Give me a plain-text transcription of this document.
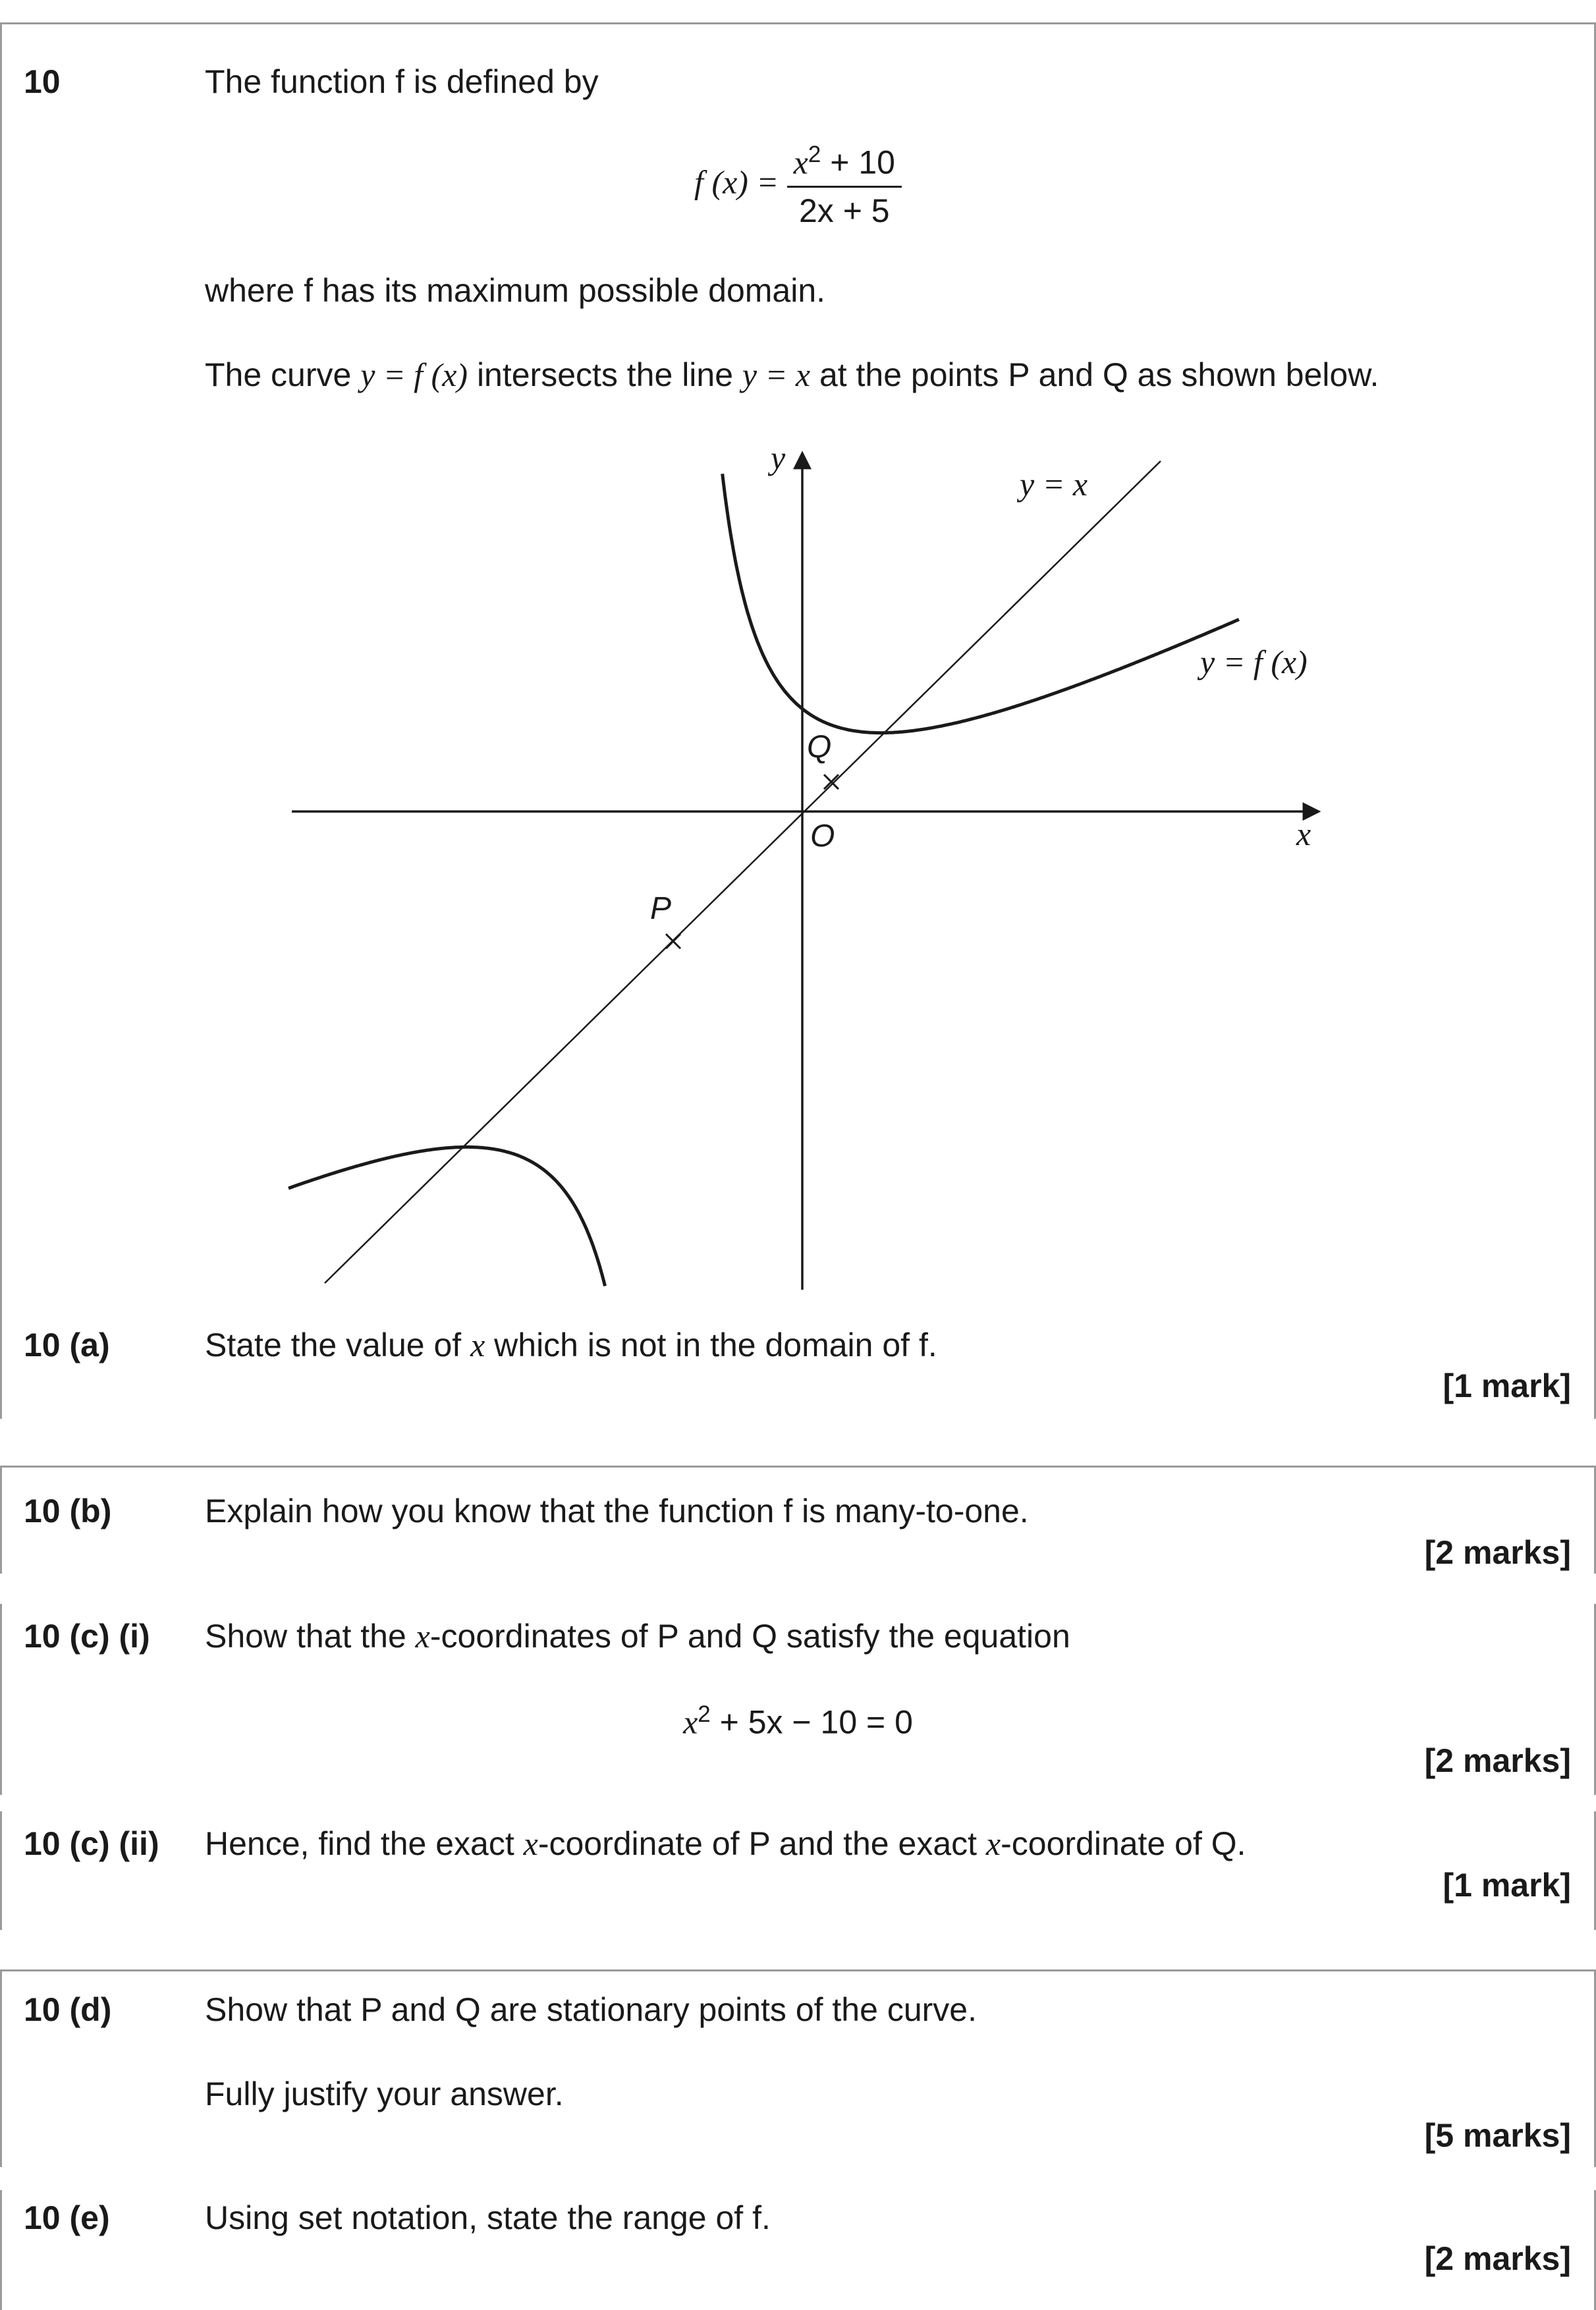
10	The function f is defined by
f $(x) = \frac{x^2 + 10}{2x + 5}$
where f has its maximum possible domain.
The curve y = f (x) intersects the line y = x at the points P and Q as shown below.
y
x
O
y = x
y = f (x)
Q
P
10 (a)	State the value of x which is not in the domain of f.
[1 mark]
10 (b)	Explain how you know that the function f is many-to-one.
[2 marks]
10 (c) (i) Show that the x-coordinates of P and Q satisfy the equation
$x^2 + 5x - 10 = 0$
[2 marks]
10 (c) (ii) Hence, find the exact x-coordinate of P and the exact x-coordinate of Q.
[1 mark]
10 (d)	Show that P and Q are stationary points of the curve.
Fully justify your answer.
[5 marks]
10 (e)	Using set notation, state the range of f.
[2 marks]
